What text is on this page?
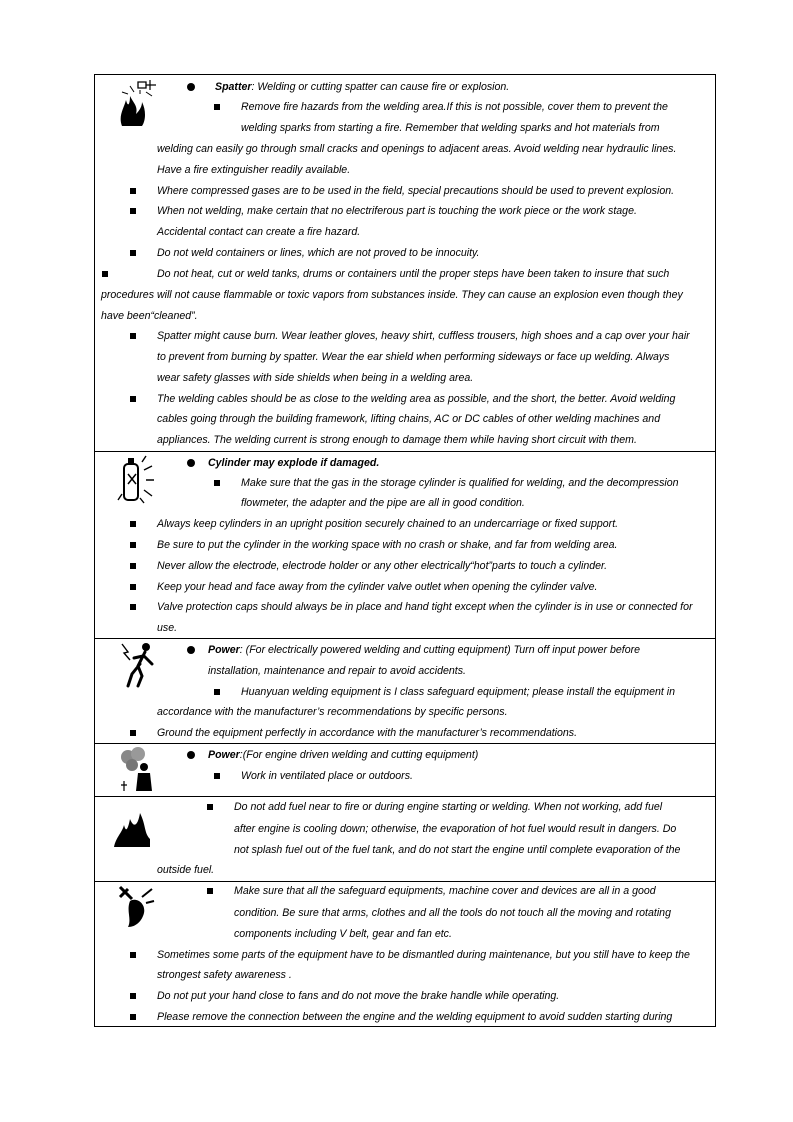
Spatter: Welding or cutting spatter can cause fire or explosion.
Remove fire hazards from the welding area.If this is not possible, cover them to prevent the
welding sparks from starting a fire. Remember that welding sparks and hot materials from
welding can easily go through small cracks and openings to adjacent areas. Avoid welding near hydraulic lines.
Have a fire extinguisher readily available.
Where compressed gases are to be used in the field, special precautions should be used to prevent explosion.
When not welding, make certain that no electriferous part is touching the work piece or the work stage.
Accidental contact can create a fire hazard.
Do not weld containers or lines, which are not proved to be innocuity.
Do not heat, cut or weld tanks, drums or containers until the proper steps have been taken to insure that such
procedures will not cause flammable or toxic vapors from substances inside. They can cause an explosion even though they
have been“cleaned”.
Spatter might cause burn. Wear leather gloves, heavy shirt, cuffless trousers, high shoes and a cap over your hair
to prevent from burning by spatter. Wear the ear shield when performing sideways or face up welding. Always
wear safety glasses with side shields when being in a welding area.
The welding cables should be as close to the welding area as possible, and the short, the better. Avoid welding
cables going through the building framework, lifting chains, AC or DC cables of other welding machines and
appliances. The welding current is strong enough to damage them while having short circuit with them.
Cylinder may explode if damaged.
Make sure that the gas in the storage cylinder is qualified for welding, and the decompression
flowmeter, the adapter and the pipe are all in good condition.
Always keep cylinders in an upright position securely chained to an undercarriage or fixed support.
Be sure to put the cylinder in the working space with no crash or shake, and far from welding area.
Never allow the electrode, electrode holder or any other electrically“hot”parts to touch a cylinder.
Keep your head and face away from the cylinder valve outlet when opening the cylinder valve.
Valve protection caps should always be in place and hand tight except when the cylinder is in use or connected for
use.
Power: (For electrically powered welding and cutting equipment) Turn off input power before
installation, maintenance and repair to avoid accidents.
Huanyuan welding equipment is I class safeguard equipment; please install the equipment in
accordance with the manufacturer’s recommendations by specific persons.
Ground the equipment perfectly in accordance with the manufacturer’s recommendations.
Power:(For engine driven welding and cutting equipment)
Work in ventilated place or outdoors.
Do not add fuel near to fire or during engine starting or welding. When not working, add fuel
after engine is cooling down; otherwise, the evaporation of hot fuel would result in dangers. Do
not splash fuel out of the fuel tank, and do not start the engine until complete evaporation of the
outside fuel.
Make sure that all the safeguard equipments, machine cover and devices are all in a good
condition. Be sure that arms, clothes and all the tools do not touch all the moving and rotating
components including V belt, gear and fan etc.
Sometimes some parts of the equipment have to be dismantled during maintenance, but you still have to keep the
strongest safety awareness .
Do not put your hand close to fans and do not move the brake handle while operating.
Please remove the connection between the engine and the welding equipment to avoid sudden starting during
